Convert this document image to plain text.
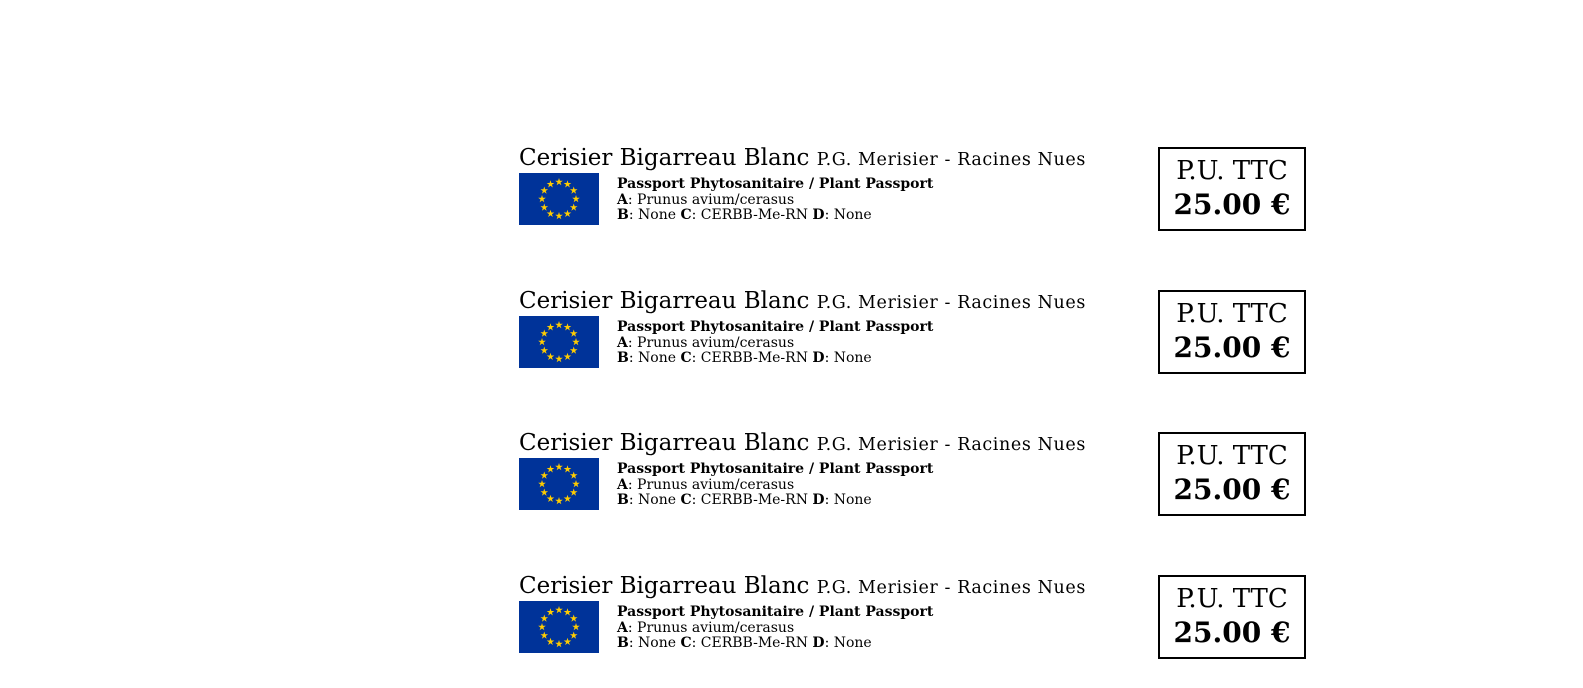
Cerisier Bigarreau Blanc P.G. Merisier - Racines Nues
Passport Phytosanitaire / Plant Passport
A: Prunus avium/cerasus
B: None C: CERBB-Me-RN D: None
P.U. TTC
25.00 €
Cerisier Bigarreau Blanc P.G. Merisier - Racines Nues
Passport Phytosanitaire / Plant Passport
A: Prunus avium/cerasus
B: None C: CERBB-Me-RN D: None
P.U. TTC
25.00 €
Cerisier Bigarreau Blanc P.G. Merisier - Racines Nues
Passport Phytosanitaire / Plant Passport
A: Prunus avium/cerasus
B: None C: CERBB-Me-RN D: None
P.U. TTC
25.00 €
Cerisier Bigarreau Blanc P.G. Merisier - Racines Nues
Passport Phytosanitaire / Plant Passport
A: Prunus avium/cerasus
B: None C: CERBB-Me-RN D: None
P.U. TTC
25.00 €
